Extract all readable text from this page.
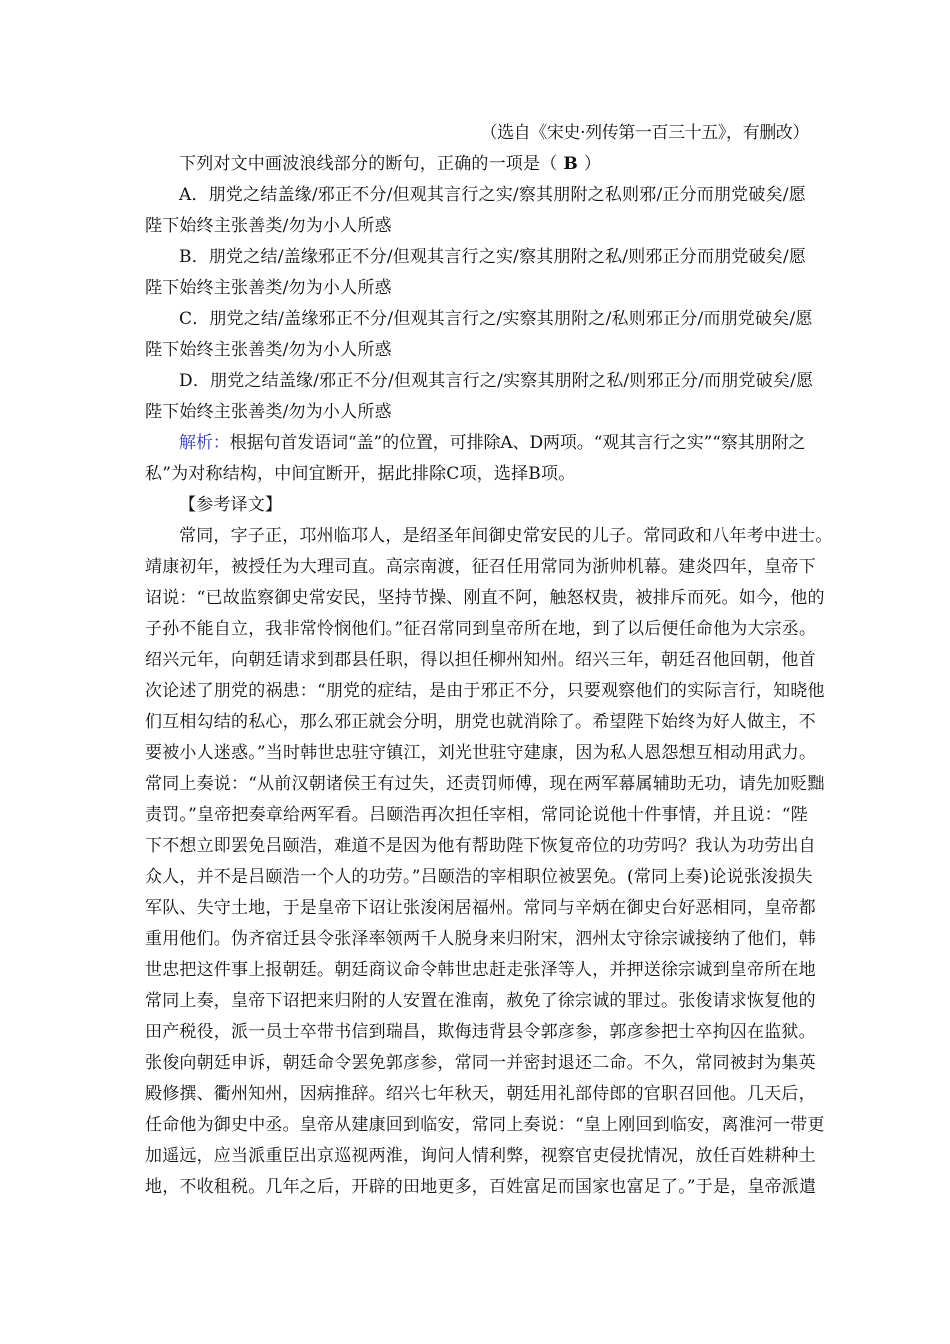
（选自《宋史·列传第一百三十五》，有删改）
下列对文中画波浪线部分的断句，正确的一项是（ B ）
A．朋党之结盖缘/邪正不分/但观其言行之实/察其朋附之私则邪/正分而朋党破矣/愿
陛下始终主张善类/勿为小人所惑
B．朋党之结/盖缘邪正不分/但观其言行之实/察其朋附之私/则邪正分而朋党破矣/愿
陛下始终主张善类/勿为小人所惑
C．朋党之结/盖缘邪正不分/但观其言行之/实察其朋附之/私则邪正分/而朋党破矣/愿
陛下始终主张善类/勿为小人所惑
D．朋党之结盖缘/邪正不分/但观其言行之/实察其朋附之私/则邪正分/而朋党破矣/愿
陛下始终主张善类/勿为小人所惑
解析：根据句首发语词“盖”的位置，可排除A、D两项。“观其言行之实”“察其朋附之
私”为对称结构，中间宜断开，据此排除C项，选择B项。
【参考译文】
常同，字子正，邛州临邛人，是绍圣年间御史常安民的儿子。常同政和八年考中进士。
靖康初年，被授任为大理司直。高宗南渡，征召任用常同为浙帅机幕。建炎四年，皇帝下
诏说：“已故监察御史常安民，坚持节操、刚直不阿，触怒权贵，被排斥而死。如今，他的
子孙不能自立，我非常怜悯他们。”征召常同到皇帝所在地，到了以后便任命他为大宗丞。
绍兴元年，向朝廷请求到郡县任职，得以担任柳州知州。绍兴三年，朝廷召他回朝，他首
次论述了朋党的祸患：“朋党的症结，是由于邪正不分，只要观察他们的实际言行，知晓他
们互相勾结的私心，那么邪正就会分明，朋党也就消除了。希望陛下始终为好人做主，不
要被小人迷惑。”当时韩世忠驻守镇江，刘光世驻守建康，因为私人恩怨想互相动用武力。
常同上奏说：“从前汉朝诸侯王有过失，还责罚师傅，现在两军幕属辅助无功，请先加贬黜
责罚。”皇帝把奏章给两军看。吕颐浩再次担任宰相，常同论说他十件事情，并且说：“陛
下不想立即罢免吕颐浩，难道不是因为他有帮助陛下恢复帝位的功劳吗？我认为功劳出自
众人，并不是吕颐浩一个人的功劳。”吕颐浩的宰相职位被罢免。(常同上奏)论说张浚损失
军队、失守土地，于是皇帝下诏让张浚闲居福州。常同与辛炳在御史台好恶相同，皇帝都
重用他们。伪齐宿迁县令张泽率领两千人脱身来归附宋，泗州太守徐宗诚接纳了他们，韩
世忠把这件事上报朝廷。朝廷商议命令韩世忠赶走张泽等人，并押送徐宗诚到皇帝所在地
常同上奏，皇帝下诏把来归附的人安置在淮南，赦免了徐宗诚的罪过。张俊请求恢复他的
田产税役，派一员士卒带书信到瑞昌，欺侮违背县令郭彦参，郭彦参把士卒拘囚在监狱。
张俊向朝廷申诉，朝廷命令罢免郭彦参，常同一并密封退还二命。不久，常同被封为集英
殿修撰、衢州知州，因病推辞。绍兴七年秋天，朝廷用礼部侍郎的官职召回他。几天后，
任命他为御史中丞。皇帝从建康回到临安，常同上奏说：“皇上刚回到临安，离淮河一带更
加遥远，应当派重臣出京巡视两淮，询问人情利弊，视察官吏侵扰情况，放任百姓耕种土
地，不收租税。几年之后，开辟的田地更多，百姓富足而国家也富足了。”于是，皇帝派遣
